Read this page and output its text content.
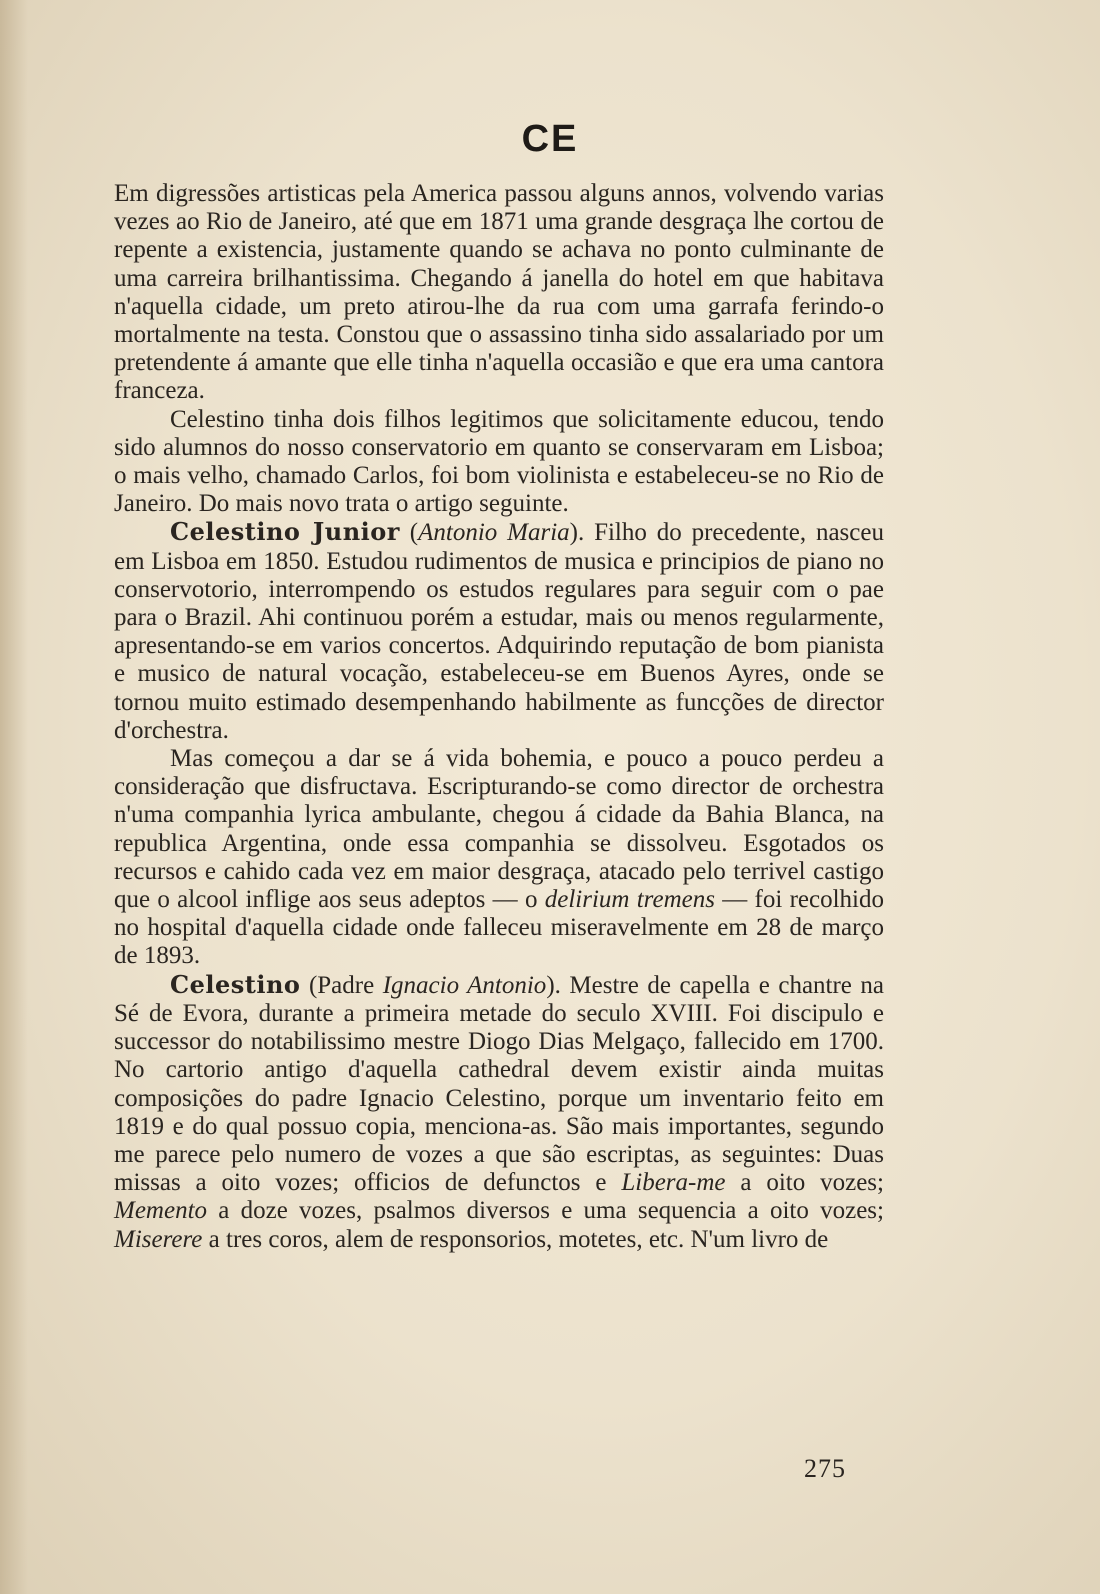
CE

Em digressões artisticas pela America passou alguns annos, volvendo varias vezes ao Rio de Janeiro, até que em 1871 uma grande desgraça lhe cortou de repente a existencia, justamente quando se achava no ponto culminante de uma carreira brilhantissima. Chegando á janella do hotel em que habitava n'aquella cidade, um preto atirou-lhe da rua com uma garrafa ferindo-o mortalmente na testa. Constou que o assassino tinha sido assalariado por um pretendente á amante que elle tinha n'aquella occasião e que era uma cantora franceza.

Celestino tinha dois filhos legitimos que solicitamente educou, tendo sido alumnos do nosso conservatorio em quanto se conservaram em Lisboa; o mais velho, chamado Carlos, foi bom violinista e estabeleceu-se no Rio de Janeiro. Do mais novo trata o artigo seguinte.

Celestino Junior (Antonio Maria). Filho do precedente, nasceu em Lisboa em 1850. Estudou rudimentos de musica e principios de piano no conservotorio, interrompendo os estudos regulares para seguir com o pae para o Brazil. Ahi continuou porém a estudar, mais ou menos regularmente, apresentando-se em varios concertos. Adquirindo reputação de bom pianista e musico de natural vocação, estabeleceu-se em Buenos Ayres, onde se tornou muito estimado desempenhando habilmente as funcções de director d'orchestra.

Mas começou a dar se á vida bohemia, e pouco a pouco perdeu a consideração que disfructava. Escripturando-se como director de orchestra n'uma companhia lyrica ambulante, chegou á cidade da Bahia Blanca, na republica Argentina, onde essa companhia se dissolveu. Esgotados os recursos e cahido cada vez em maior desgraça, atacado pelo terrivel castigo que o alcool inflige aos seus adeptos — o delirium tremens — foi recolhido no hospital d'aquella cidade onde falleceu miseravelmente em 28 de março de 1893.

Celestino (Padre Ignacio Antonio). Mestre de capella e chantre na Sé de Evora, durante a primeira metade do seculo XVIII. Foi discipulo e successor do notabilissimo mestre Diogo Dias Melgaço, fallecido em 1700. No cartorio antigo d'aquella cathedral devem existir ainda muitas composições do padre Ignacio Celestino, porque um inventario feito em 1819 e do qual possuo copia, menciona-as. São mais importantes, segundo me parece pelo numero de vozes a que são escriptas, as seguintes: Duas missas a oito vozes; officios de defunctos e Libera-me a oito vozes; Memento a doze vozes, psalmos diversos e uma sequencia a oito vozes; Miserere a tres coros, alem de responsorios, motetes, etc. N'um livro de

275
